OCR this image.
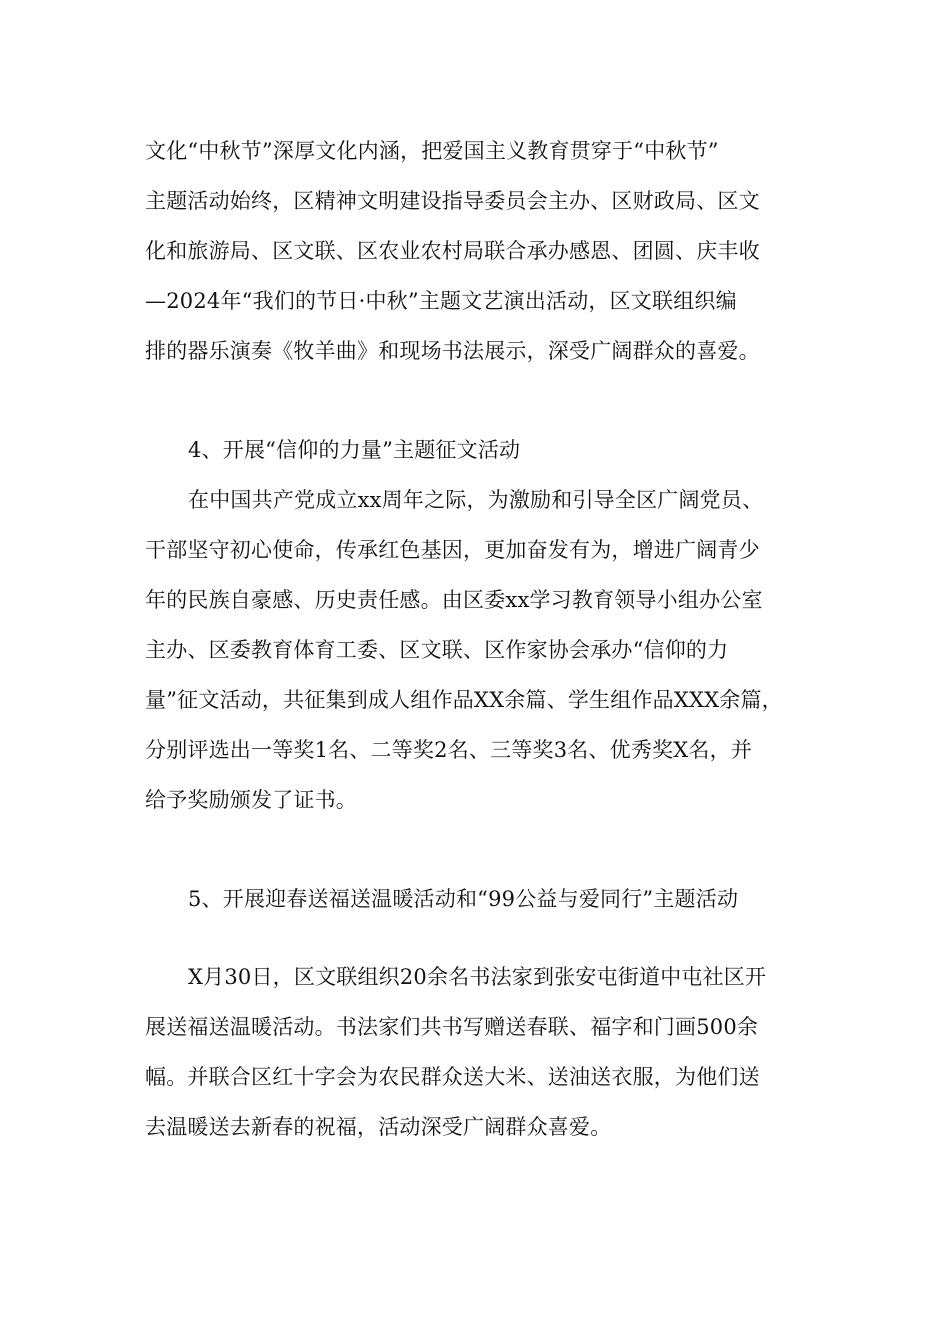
文化“中秋节”深厚文化内涵，把爱国主义教育贯穿于“中秋节”
主题活动始终，区精神文明建设指导委员会主办、区财政局、区文
化和旅游局、区文联、区农业农村局联合承办感恩、团圆、庆丰收
—2024年“我们的节日·中秋”主题文艺演出活动，区文联组织编
排的器乐演奏《牧羊曲》和现场书法展示，深受广阔群众的喜爱。
4、开展“信仰的力量”主题征文活动
在中国共产党成立xx周年之际，为激励和引导全区广阔党员、
干部坚守初心使命，传承红色基因，更加奋发有为，增进广阔青少
年的民族自豪感、历史责任感。由区委xx学习教育领导小组办公室
主办、区委教育体育工委、区文联、区作家协会承办“信仰的力
量”征文活动，共征集到成人组作品XX余篇、学生组作品XXX余篇，
分别评选出一等奖1名、二等奖2名、三等奖3名、优秀奖X名，并
给予奖励颁发了证书。
5、开展迎春送福送温暖活动和“99公益与爱同行”主题活动
X月30日，区文联组织20余名书法家到张安屯街道中屯社区开
展送福送温暖活动。书法家们共书写赠送春联、福字和门画500余
幅。并联合区红十字会为农民群众送大米、送油送衣服，为他们送
去温暖送去新春的祝福，活动深受广阔群众喜爱。
